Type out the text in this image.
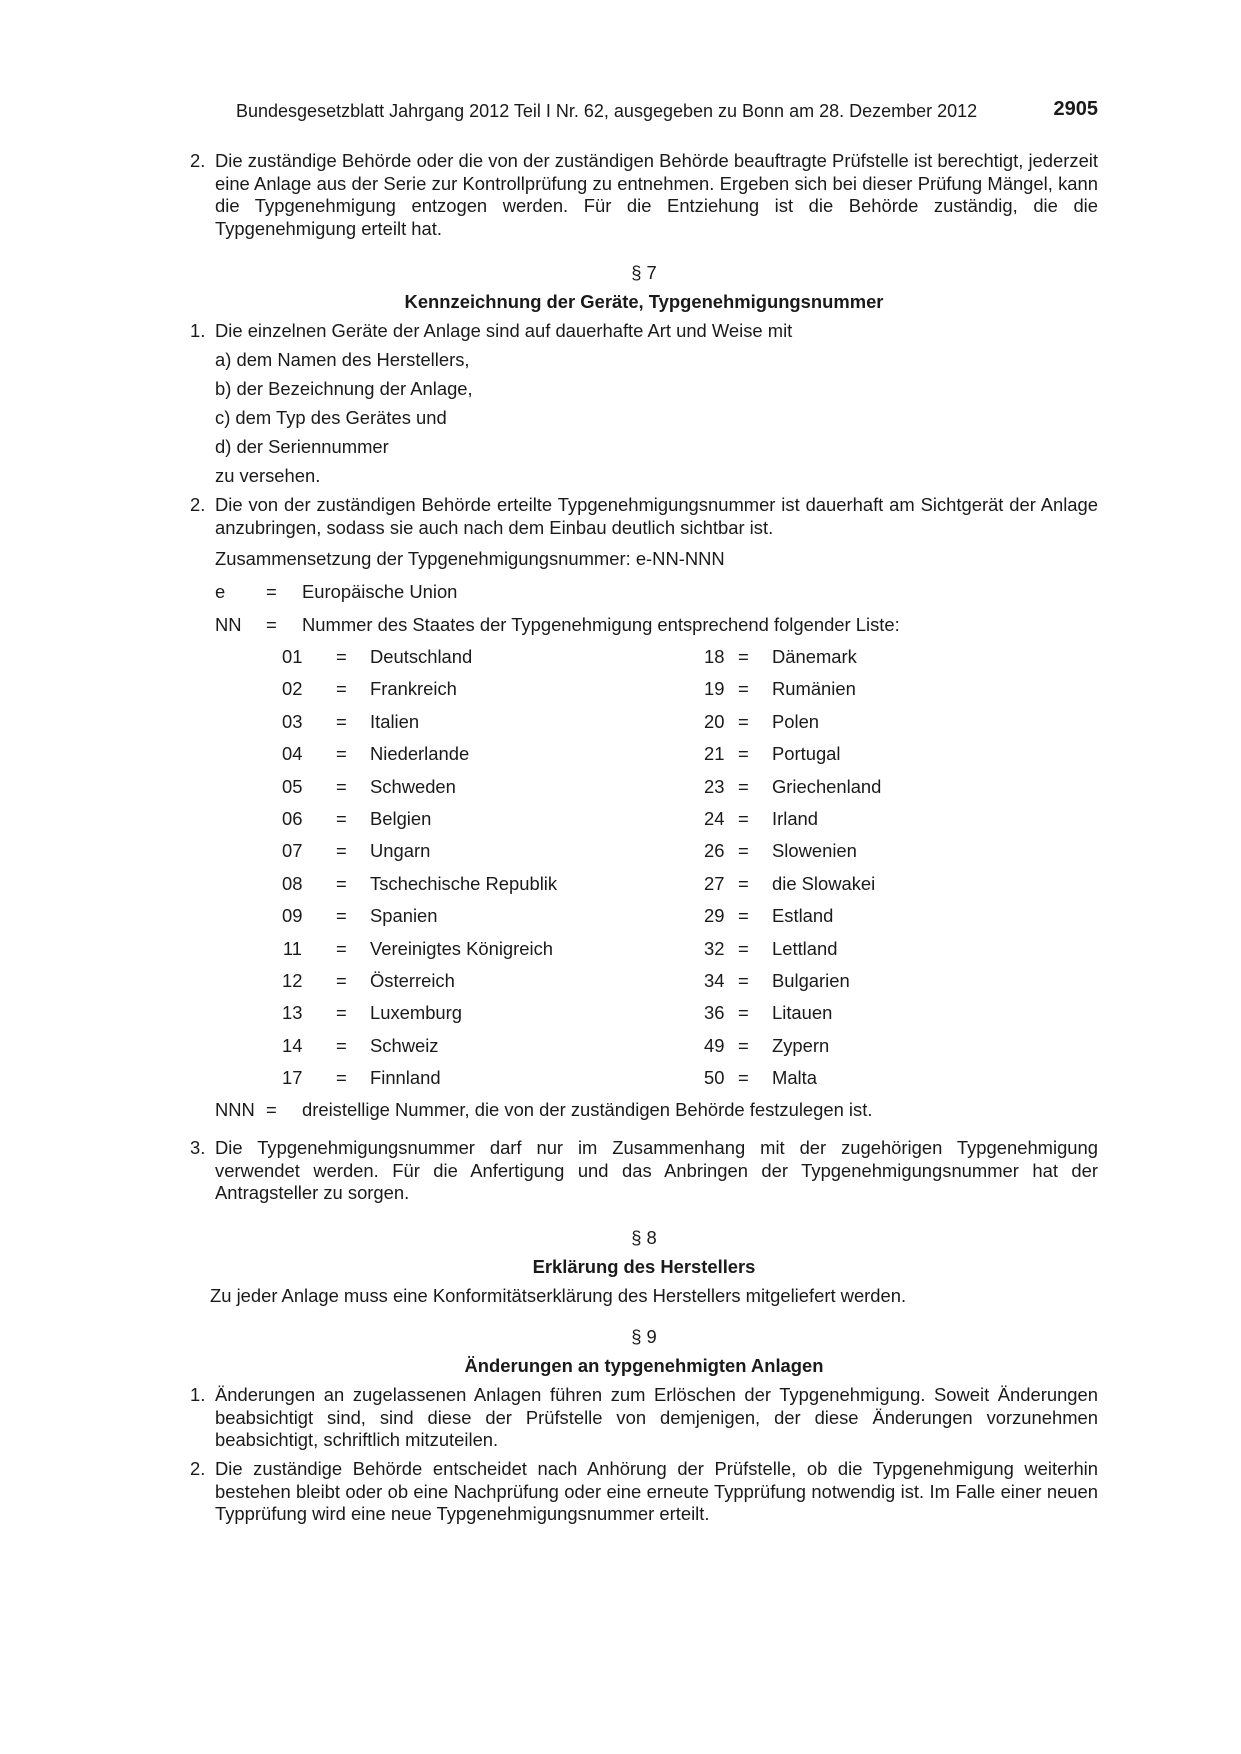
Bundesgesetzblatt Jahrgang 2012 Teil I Nr. 62, ausgegeben zu Bonn am 28. Dezember 2012	2905
2. Die zuständige Behörde oder die von der zuständigen Behörde beauftragte Prüfstelle ist berechtigt, jederzeit eine Anlage aus der Serie zur Kontrollprüfung zu entnehmen. Ergeben sich bei dieser Prüfung Mängel, kann die Typgenehmigung entzogen werden. Für die Entziehung ist die Behörde zuständig, die die Typgenehmigung erteilt hat.
§ 7
Kennzeichnung der Geräte, Typgenehmigungsnummer
1. Die einzelnen Geräte der Anlage sind auf dauerhafte Art und Weise mit
a) dem Namen des Herstellers,
b) der Bezeichnung der Anlage,
c) dem Typ des Gerätes und
d) der Seriennummer
zu versehen.
2. Die von der zuständigen Behörde erteilte Typgenehmigungsnummer ist dauerhaft am Sichtgerät der Anlage anzubringen, sodass sie auch nach dem Einbau deutlich sichtbar ist.
Zusammensetzung der Typgenehmigungsnummer: e-NN-NNN
e = Europäische Union
NN = Nummer des Staates der Typgenehmigung entsprechend folgender Liste:
01 = Deutschland
02 = Frankreich
03 = Italien
04 = Niederlande
05 = Schweden
06 = Belgien
07 = Ungarn
08 = Tschechische Republik
09 = Spanien
11 = Vereinigtes Königreich
12 = Österreich
13 = Luxemburg
14 = Schweiz
17 = Finnland
18 = Dänemark
19 = Rumänien
20 = Polen
21 = Portugal
23 = Griechenland
24 = Irland
26 = Slowenien
27 = die Slowakei
29 = Estland
32 = Lettland
34 = Bulgarien
36 = Litauen
49 = Zypern
50 = Malta
NNN = dreistellige Nummer, die von der zuständigen Behörde festzulegen ist.
3. Die Typgenehmigungsnummer darf nur im Zusammenhang mit der zugehörigen Typgenehmigung verwendet werden. Für die Anfertigung und das Anbringen der Typgenehmigungsnummer hat der Antragsteller zu sorgen.
§ 8
Erklärung des Herstellers
Zu jeder Anlage muss eine Konformitätserklärung des Herstellers mitgeliefert werden.
§ 9
Änderungen an typgenehmigten Anlagen
1. Änderungen an zugelassenen Anlagen führen zum Erlöschen der Typgenehmigung. Soweit Änderungen beabsichtigt sind, sind diese der Prüfstelle von demjenigen, der diese Änderungen vorzunehmen beabsichtigt, schriftlich mitzuteilen.
2. Die zuständige Behörde entscheidet nach Anhörung der Prüfstelle, ob die Typgenehmigung weiterhin bestehen bleibt oder ob eine Nachprüfung oder eine erneute Typprüfung notwendig ist. Im Falle einer neuen Typprüfung wird eine neue Typgenehmigungsnummer erteilt.
